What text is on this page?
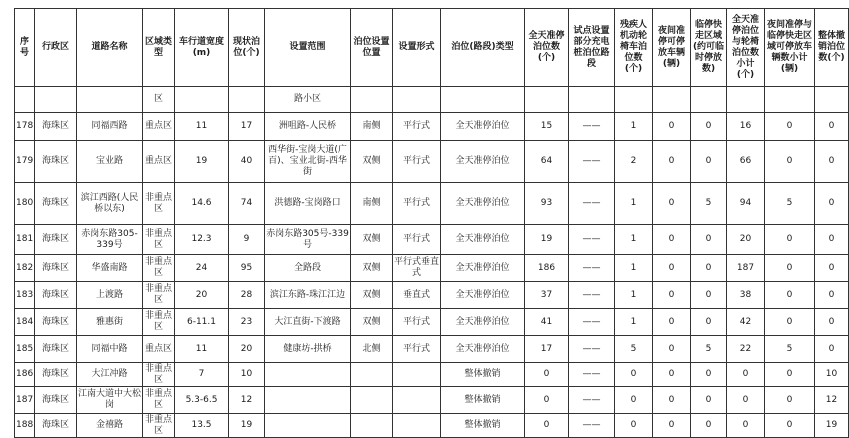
序号	行政区	道路名称	区域类型	车行道宽度(m)	现状泊位(个)	设置范围	泊位设置位置	设置形式	泊位(路段)类型	全天准停泊位数(个)	试点设置部分充电桩泊位路段	残疾人机动轮椅车泊位数(个)	夜间准停可停放车辆(辆)	临停快走区域(约可临时停放数)	全天准停泊位与轮椅泊位数小计(个)	夜间准停与临停快走区域可停放车辆数小计(辆)	整体撤销泊位数(个)
			区			路小区											
178	海珠区	同福西路	重点区	11	17	洲咀路-人民桥	南侧	平行式	全天准停泊位	15	——	1	0	0	16	0	0
179	海珠区	宝业路	重点区	19	40	西华街-宝岗大道(广百)、宝业北街-西华街	双侧	平行式	全天准停泊位	64	——	2	0	0	66	0	0
180	海珠区	滨江西路(人民桥以东)	非重点区	14.6	74	洪德路-宝岗路口	南侧	平行式	全天准停泊位	93	——	1	0	5	94	5	0
181	海珠区	赤岗东路305-339号	非重点区	12.3	9	赤岗东路305号-339号	双侧	平行式	全天准停泊位	19	——	1	0	0	20	0	0
182	海珠区	华盛南路	非重点区	24	95	全路段	双侧	平行式垂直式	全天准停泊位	186	——	1	0	0	187	0	0
183	海珠区	上渡路	非重点区	20	28	滨江东路-珠江江边	双侧	垂直式	全天准停泊位	37	——	1	0	0	38	0	0
184	海珠区	雅惠街	非重点区	6-11.1	23	大江直街-下渡路	双侧	平行式	全天准停泊位	41	——	1	0	0	42	0	0
185	海珠区	同福中路	重点区	11	20	健康坊-拱桥	北侧	平行式	全天准停泊位	17	——	5	0	5	22	5	0
186	海珠区	大江冲路	非重点区	7	10				整体撤销	0	——	0	0	0	0	0	10
187	海珠区	江南大道中大松岗	非重点区	5.3-6.5	12				整体撤销	0	——	0	0	0	0	0	12
188	海珠区	金禧路	非重点区	13.5	19				整体撤销	0	——	0	0	0	0	0	19
